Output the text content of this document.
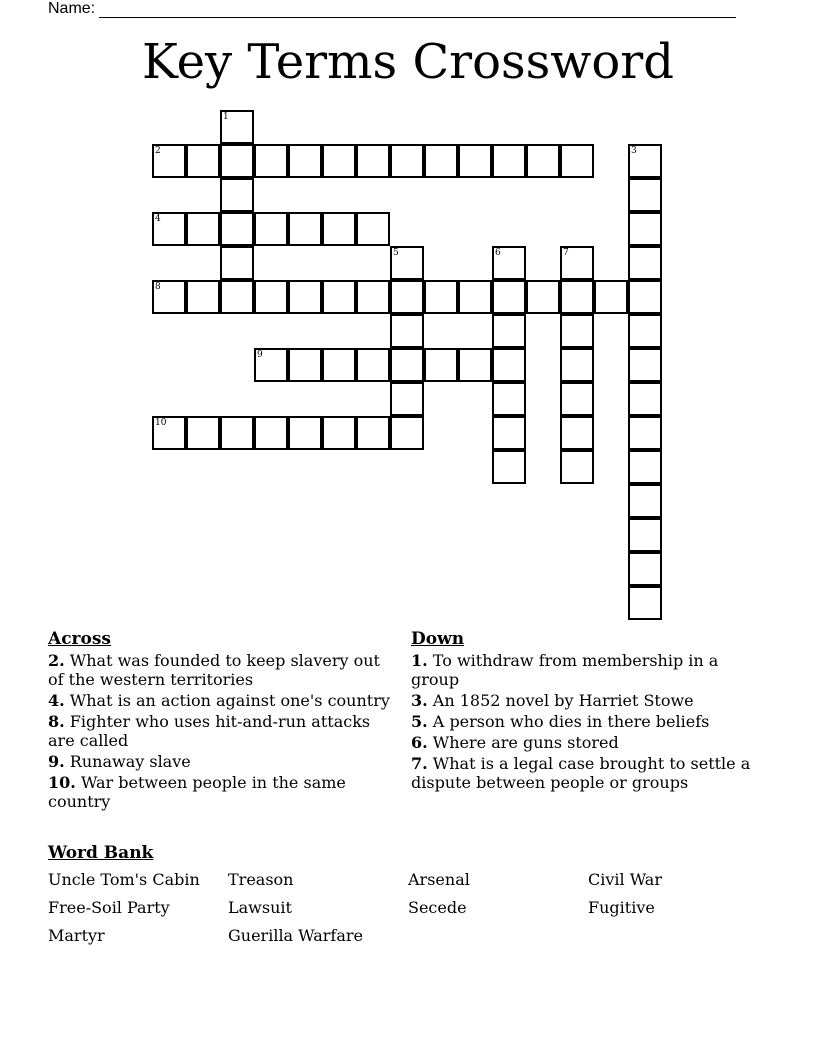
Name:
Key Terms Crossword
1
2	3
4
5	6	7
8
9
10
Across
2. What was founded to keep slavery out of the western territories
4. What is an action against one's country
8. Fighter who uses hit-and-run attacks are called
9. Runaway slave
10. War between people in the same country
Down
1. To withdraw from membership in a group
3. An 1852 novel by Harriet Stowe
5. A person who dies in there beliefs
6. Where are guns stored
7. What is a legal case brought to settle a dispute between people or groups
Word Bank
Uncle Tom's Cabin	Treason	Arsenal	Civil War
Free-Soil Party	Lawsuit	Secede	Fugitive
Martyr	Guerilla Warfare
